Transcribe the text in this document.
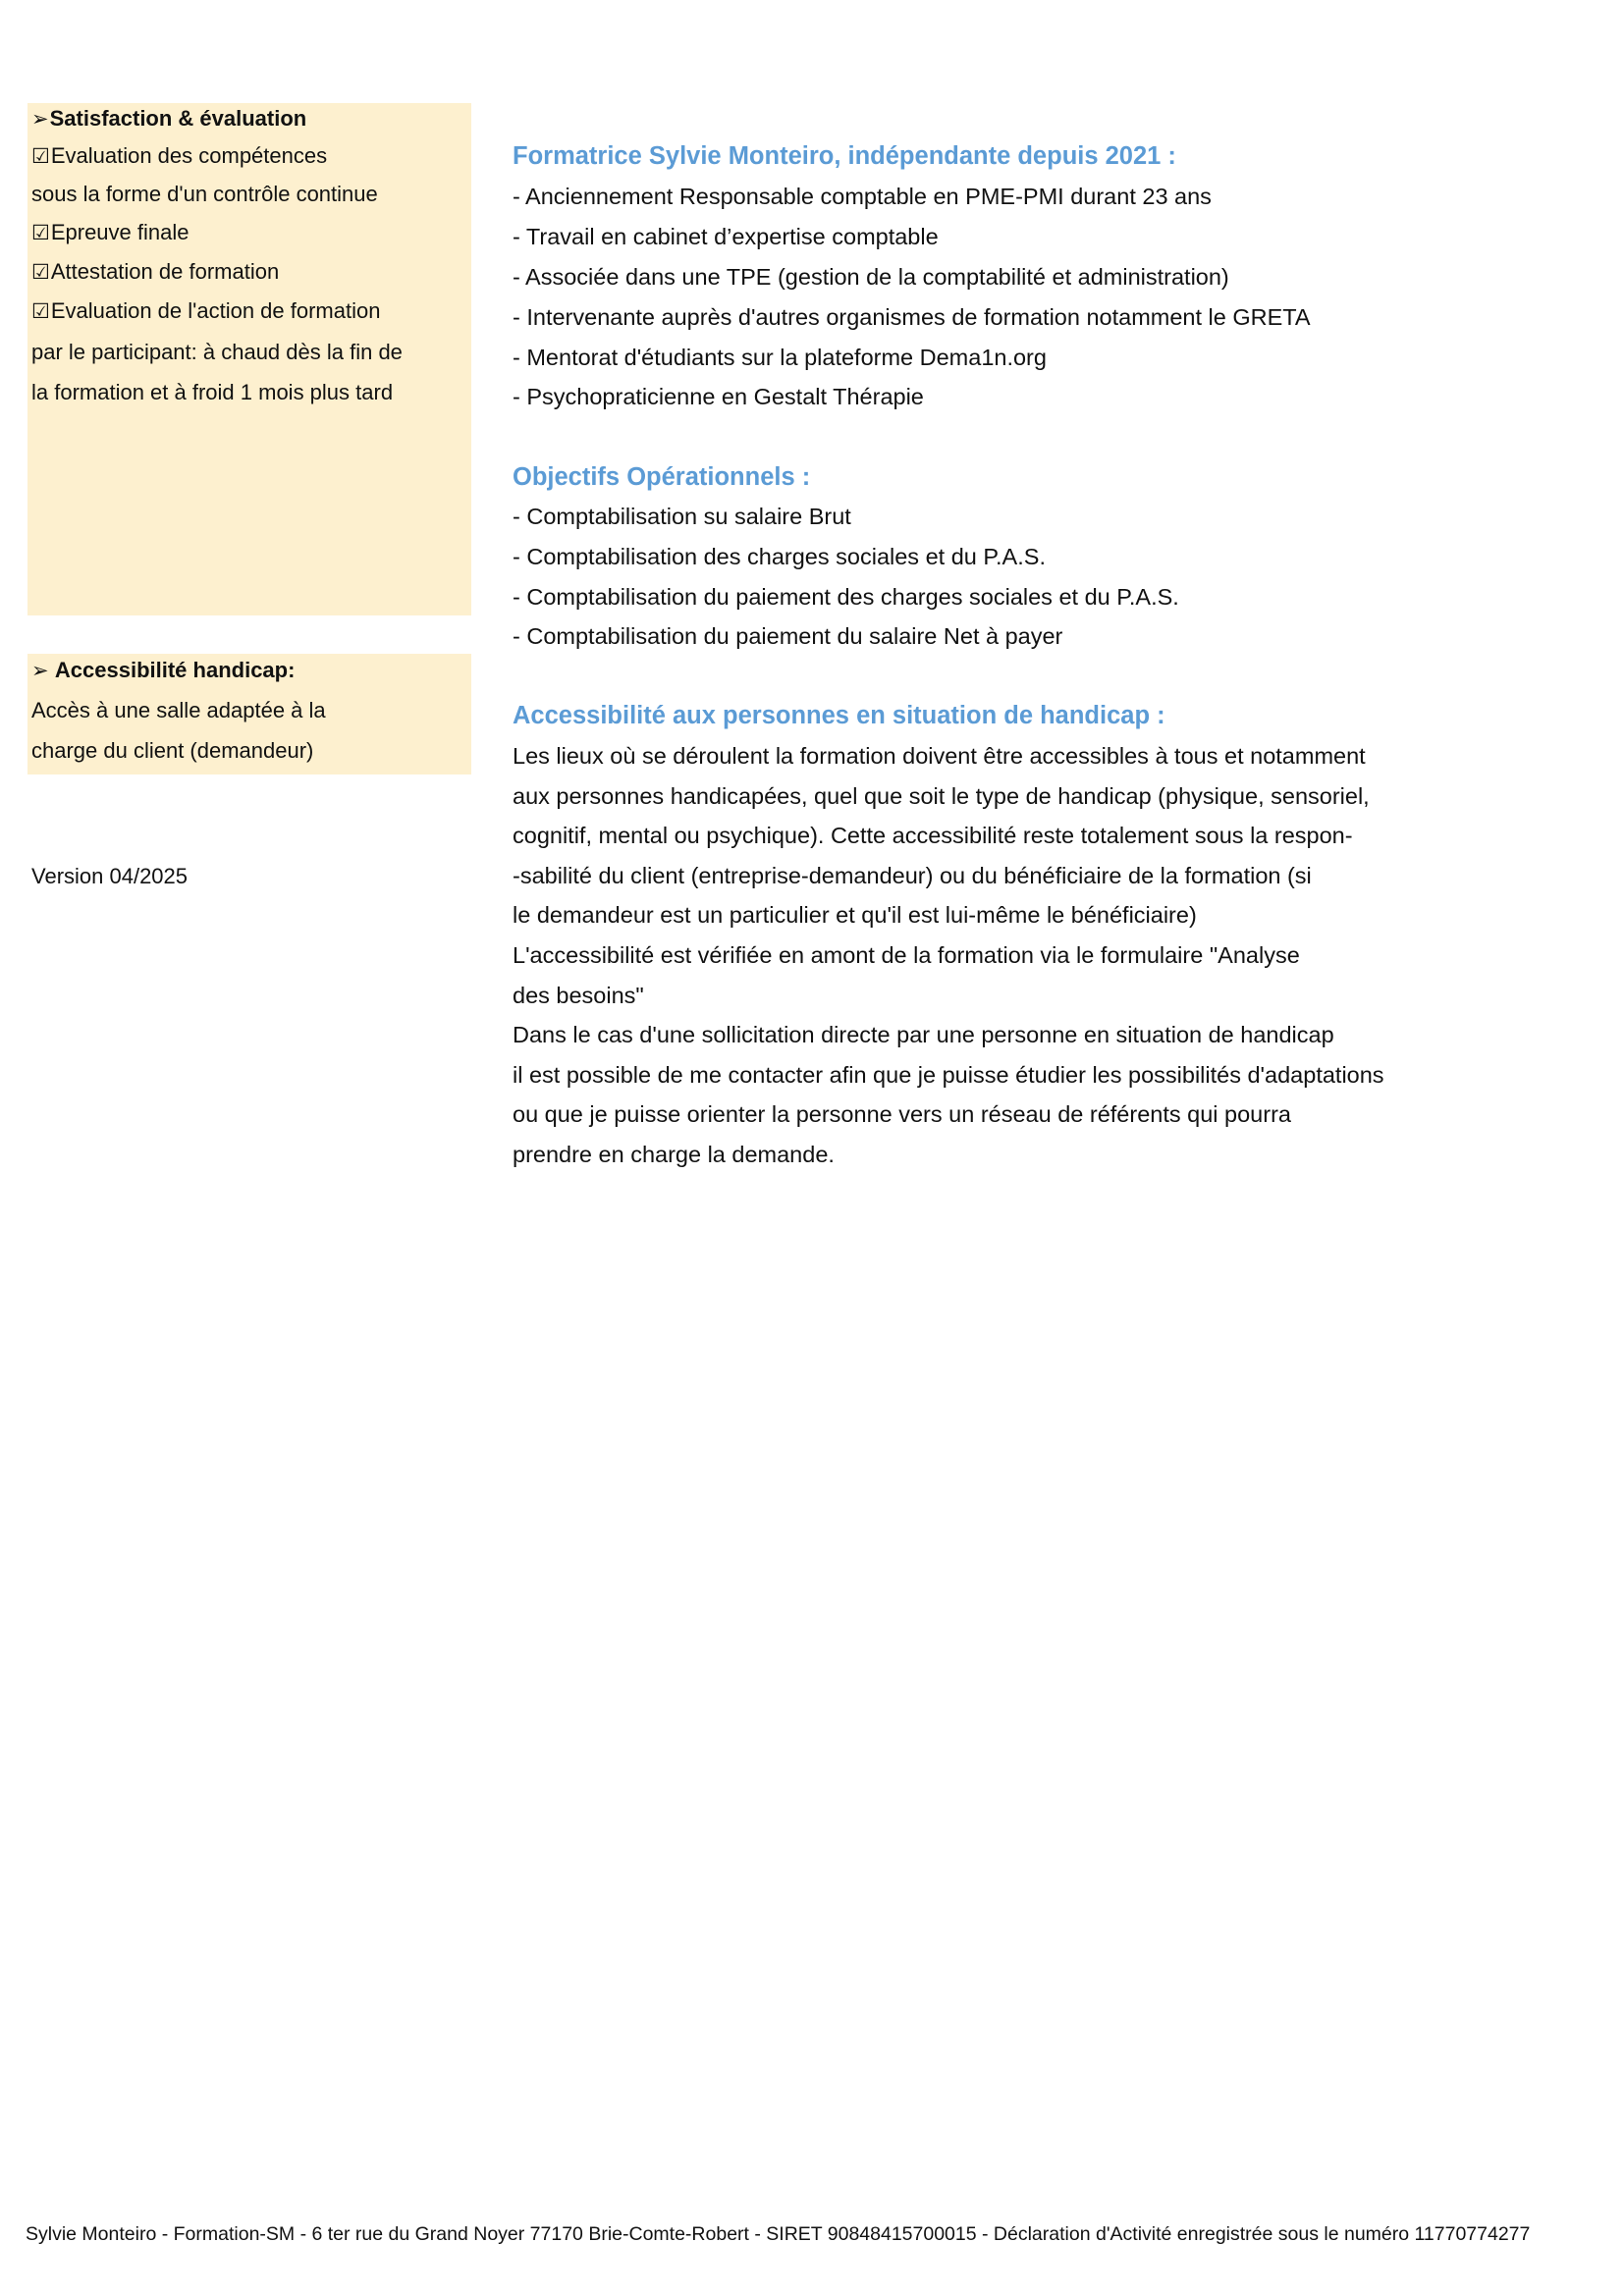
➢Satisfaction & évaluation
☑Evaluation des compétences
sous la forme d'un contrôle continue
☑Epreuve finale
☑Attestation de formation
☑Evaluation de l'action de formation
par le participant: à chaud dès la fin de
la formation et à froid 1 mois plus tard
➢ Accessibilité handicap:
Accès à une salle adaptée à la
charge du client (demandeur)
Version 04/2025
Formatrice Sylvie Monteiro, indépendante depuis 2021 :
- Anciennement Responsable comptable en PME-PMI durant 23 ans
- Travail en cabinet d’expertise comptable
- Associée dans une TPE (gestion de la comptabilité et administration)
- Intervenante auprès d'autres organismes de formation notamment le GRETA
- Mentorat d'étudiants sur la plateforme Dema1n.org
- Psychopraticienne en Gestalt Thérapie
Objectifs Opérationnels :
- Comptabilisation su salaire Brut
- Comptabilisation des charges sociales et du P.A.S.
- Comptabilisation du paiement des charges sociales et du P.A.S.
- Comptabilisation du paiement du salaire Net à payer
Accessibilité aux personnes en situation de handicap :
Les lieux où se déroulent la formation doivent être accessibles à tous et notamment
aux personnes handicapées, quel que soit le type de handicap (physique, sensoriel,
cognitif, mental ou psychique). Cette accessibilité reste totalement sous la respon-
-sabilité du client (entreprise-demandeur) ou du bénéficiaire de la formation (si
le demandeur est un particulier et qu'il est lui-même le bénéficiaire)
L'accessibilité est vérifiée en amont de la formation via le formulaire "Analyse
des besoins"
Dans le cas d'une sollicitation directe par une personne en situation de handicap
il est possible de me contacter afin que je puisse étudier les possibilités d'adaptations
ou que je puisse orienter la personne vers un réseau de référents qui pourra
prendre en charge la demande.
Sylvie Monteiro - Formation-SM - 6 ter rue du Grand Noyer 77170 Brie-Comte-Robert - SIRET 90848415700015 - Déclaration d'Activité enregistrée sous le numéro 11770774277
